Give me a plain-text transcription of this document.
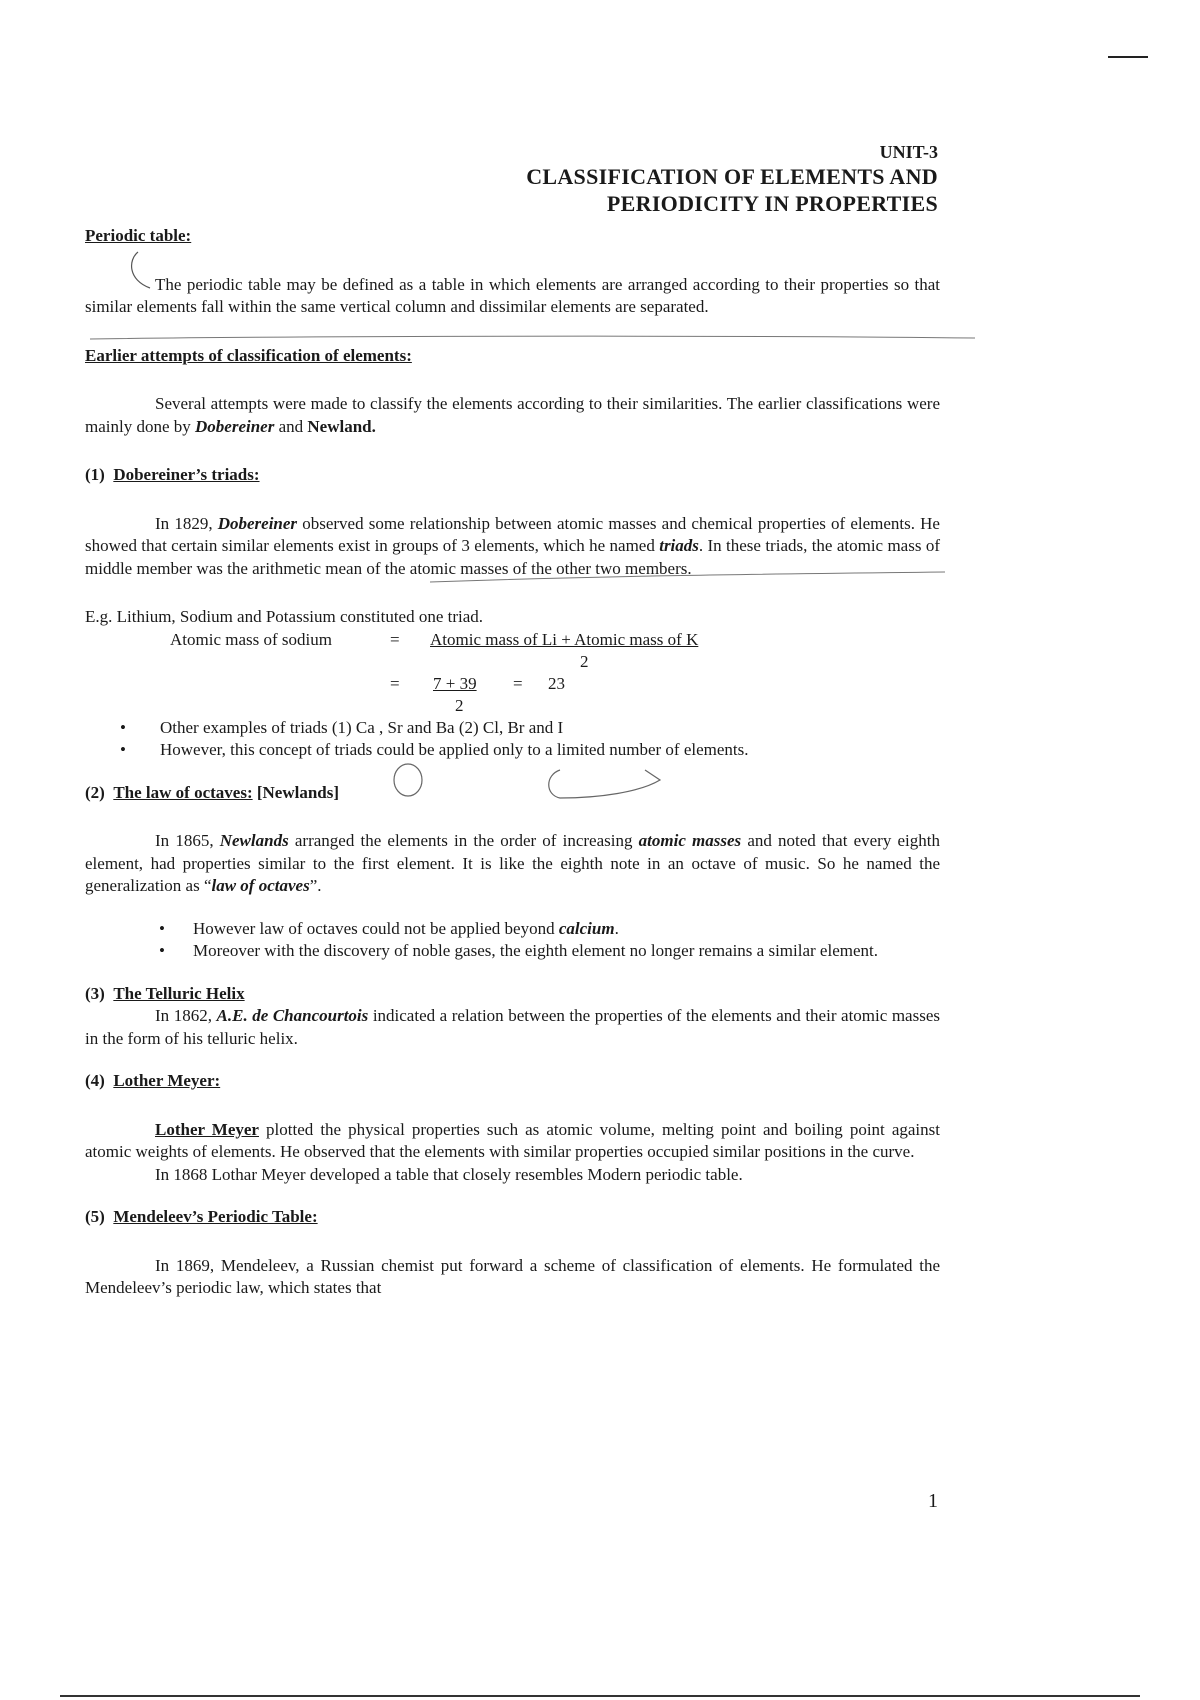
UNIT-3
CLASSIFICATION OF ELEMENTS AND
PERIODICITY IN PROPERTIES
Periodic table:

The periodic table may be defined as a table in which elements are arranged according to their properties so that similar elements fall within the same vertical column and dissimilar elements are separated.

Earlier attempts of classification of elements:

Several attempts were made to classify the elements according to their similarities. The earlier classifications were mainly done by Dobereiner and Newland.

(1) Dobereiner’s triads:

In 1829, Dobereiner observed some relationship between atomic masses and chemical properties of elements. He showed that certain similar elements exist in groups of 3 elements, which he named triads. In these triads, the atomic mass of middle member was the arithmetic mean of the atomic masses of the other two members.

E.g. Lithium, Sodium and Potassium constituted one triad.

Atomic mass of sodium	= Atomic mass of Li + Atomic mass of K
2
= 7 + 39
2
= 23
• Other examples of triads (1) Ca , Sr and Ba (2) Cl, Br and I
• However, this concept of triads could be applied only to a limited number of elements.
(2) The law of octaves: [Newlands]

In 1865, Newlands arranged the elements in the order of increasing atomic masses and noted that every eighth element, had properties similar to the first element. It is like the eighth note in an octave of music. So he named the generalization as “law of octaves”.

• However law of octaves could not be applied beyond calcium.
• Moreover with the discovery of noble gases, the eighth element no longer remains a similar element.
(3) The Telluric Helix

In 1862, A.E. de Chancourtois indicated a relation between the properties of the elements and their atomic masses in the form of his telluric helix.

(4) Lother Meyer:

Lother Meyer plotted the physical properties such as atomic volume, melting point and boiling point against atomic weights of elements. He observed that the elements with similar properties occupied similar positions in the curve.

In 1868 Lothar Meyer developed a table that closely resembles Modern periodic table.

(5) Mendeleev’s Periodic Table:

In 1869, Mendeleev, a Russian chemist put forward a scheme of classification of elements. He formulated the Mendeleev’s periodic law, which states that

1
